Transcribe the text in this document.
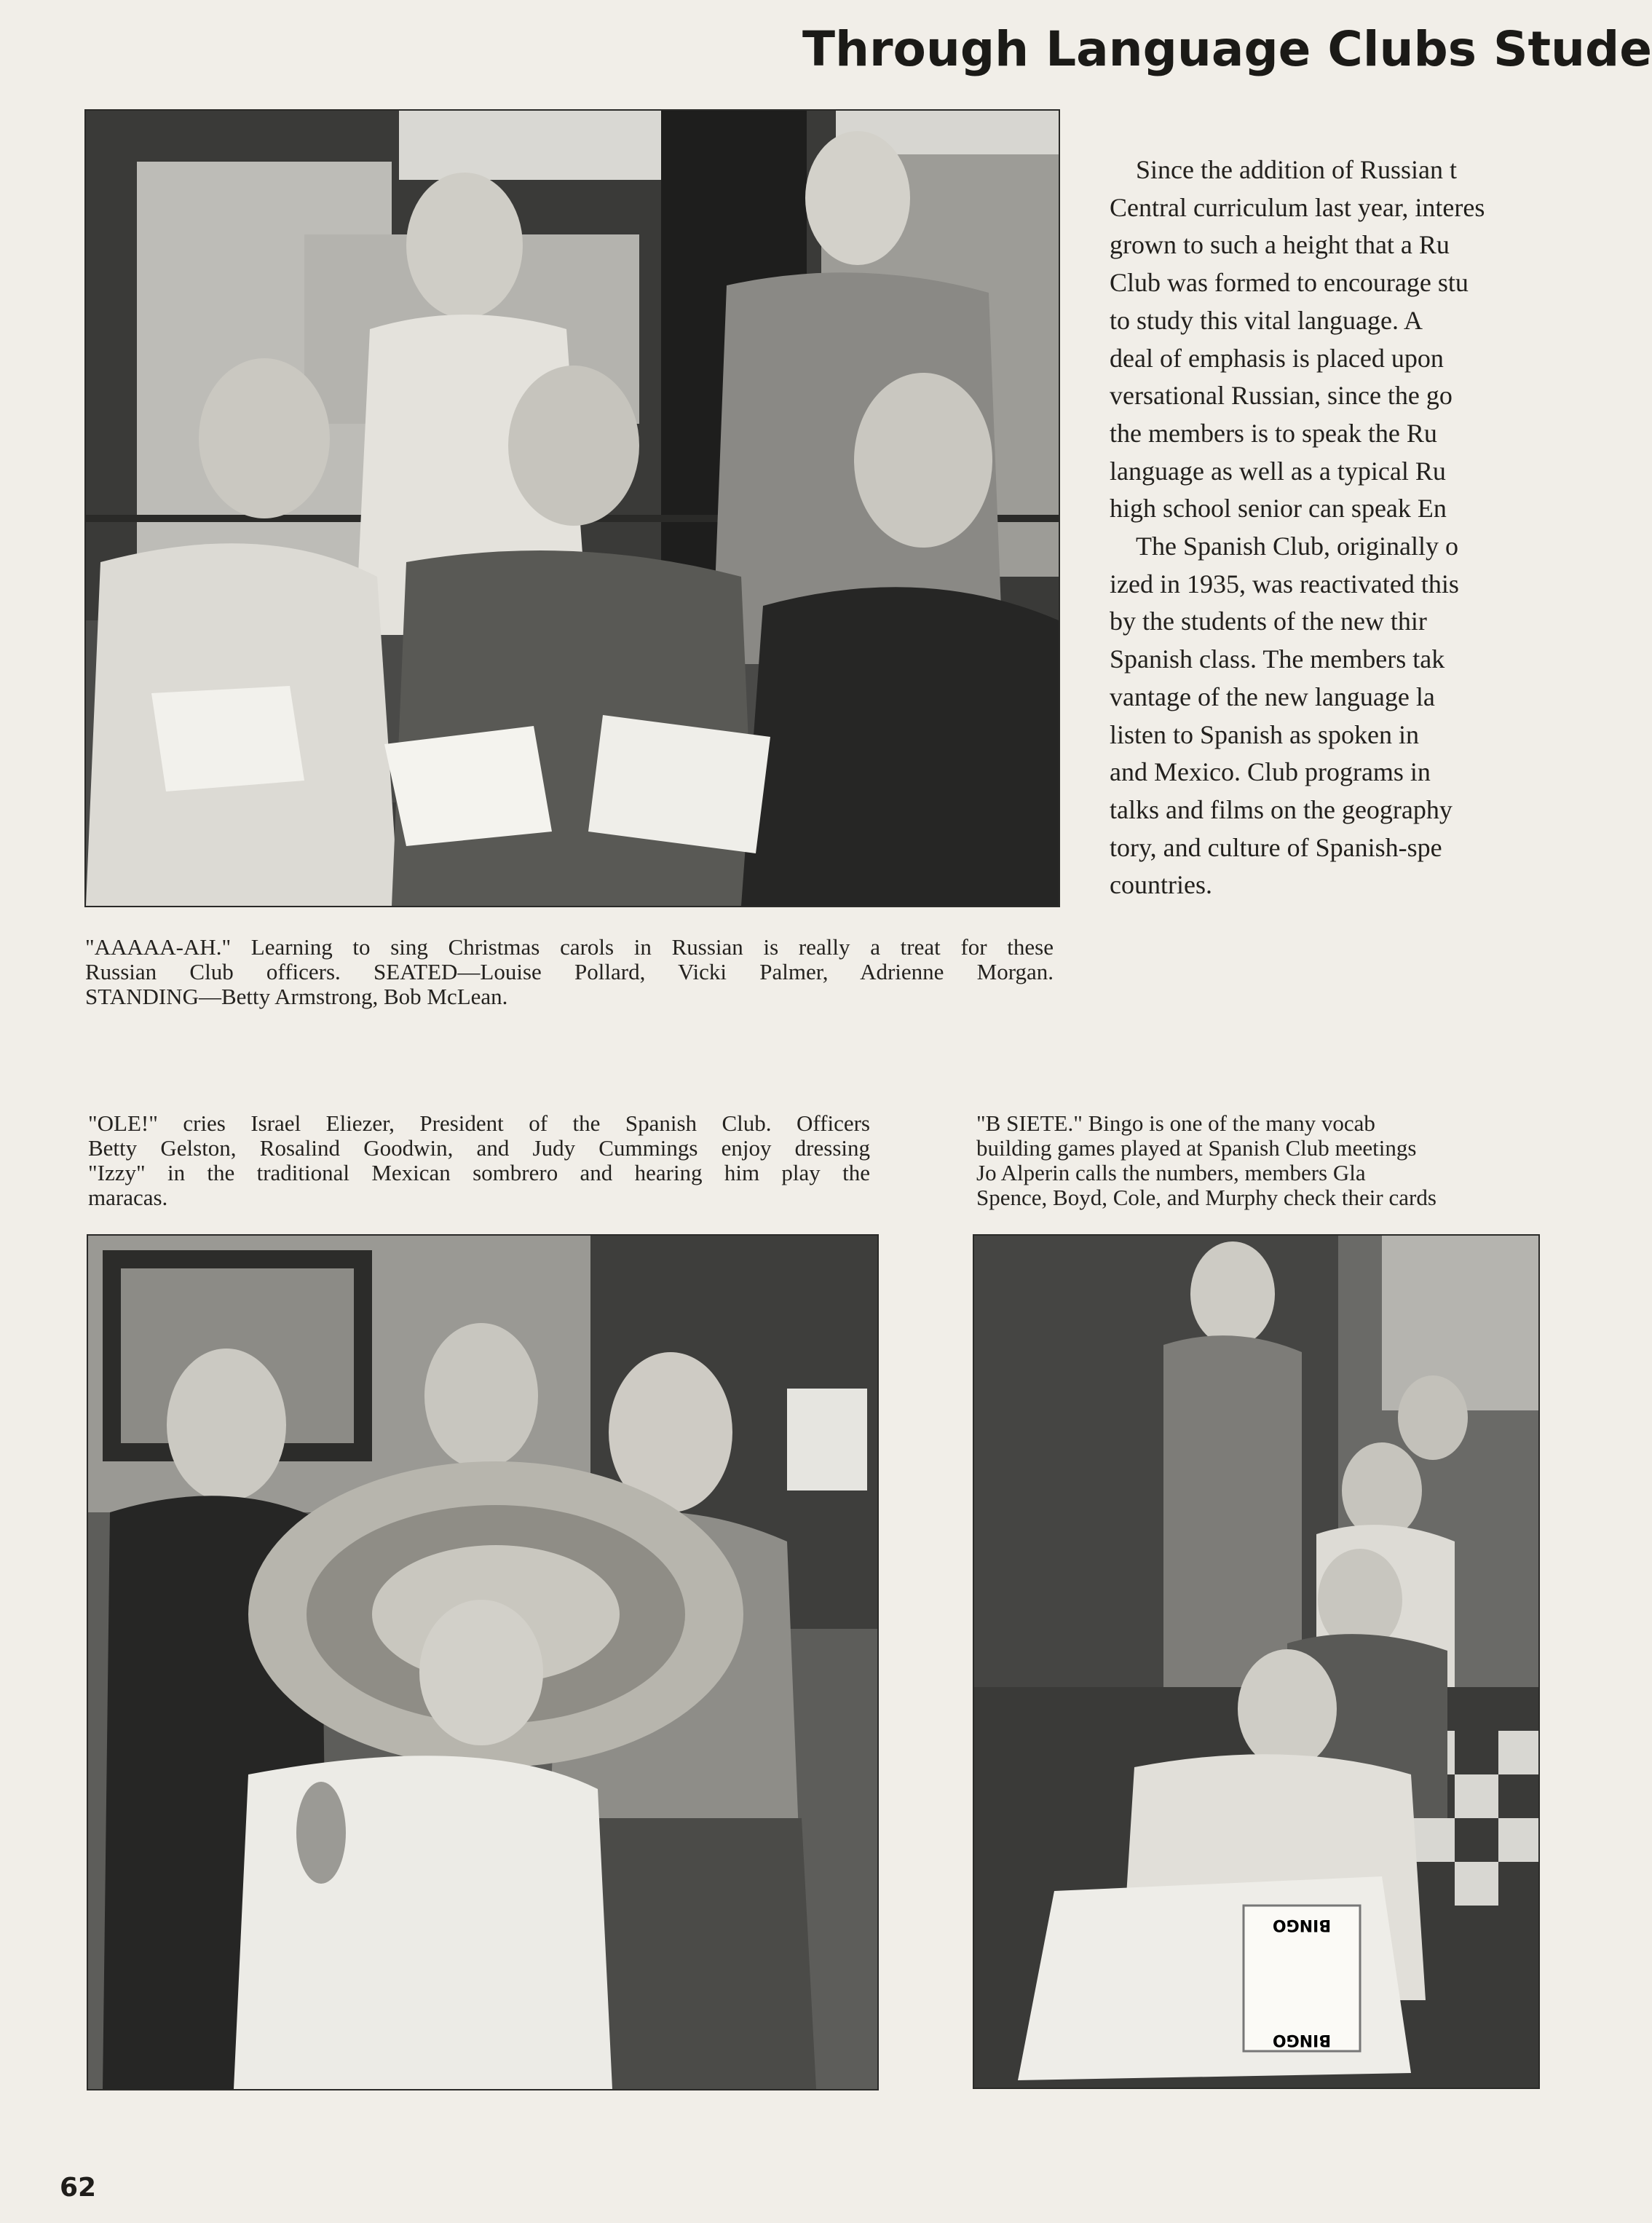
Through Language Clubs Stude
"AAAAA-AH." Learning to sing Christmas carols in Russian is really a treat for these
Russian Club officers. SEATED—Louise Pollard, Vicki Palmer, Adrienne Morgan.
STANDING—Betty Armstrong, Bob McLean.
Since the addition of Russian t
Central curriculum last year, interes
grown to such a height that a Ru
Club was formed to encourage stu
to study this vital language. A
deal of emphasis is placed upon
versational Russian, since the go
the members is to speak the Ru
language as well as a typical Ru
high school senior can speak En
The Spanish Club, originally o
ized in 1935, was reactivated this
by the students of the new thir
Spanish class. The members tak
vantage of the new language la
listen to Spanish as spoken in
and Mexico. Club programs in
talks and films on the geography
tory, and culture of Spanish-spe
countries.
"OLE!" cries Israel Eliezer, President of the Spanish Club. Officers
Betty Gelston, Rosalind Goodwin, and Judy Cummings enjoy dressing
"Izzy" in the traditional Mexican sombrero and hearing him play the
maracas.
"B SIETE." Bingo is one of the many vocab
building games played at Spanish Club meetings
Jo Alperin calls the numbers, members Gla
Spence, Boyd, Cole, and Murphy check their cards
BINGO
BINGO

62
